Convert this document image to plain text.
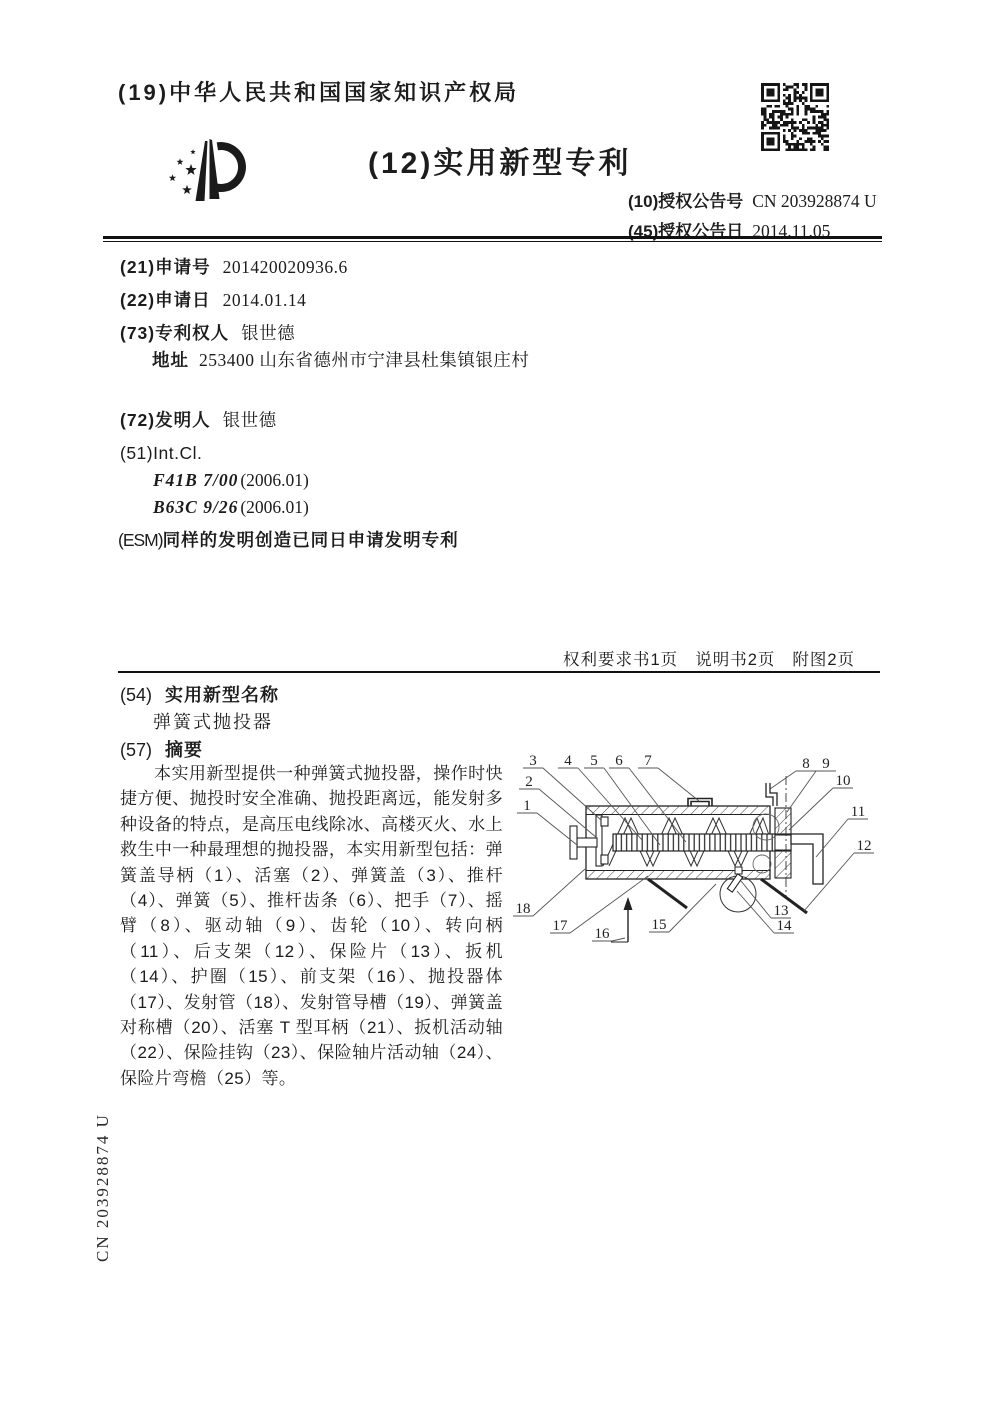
(19)中华人民共和国国家知识产权局
(12)实用新型专利
(10)授权公告号 CN 203928874 U
(45)授权公告日 2014.11.05
(21)申请号 201420020936.6
(22)申请日 2014.01.14
(73)专利权人 银世德
地址 253400 山东省德州市宁津县杜集镇银庄村
(72)发明人 银世德
(51)Int.Cl.
F41B 7/00 (2006.01)
B63C 9/26 (2006.01)
(ESM)同样的发明创造已同日申请发明专利
权利要求书1页 说明书2页 附图2页
(54) 实用新型名称
弹簧式抛投器
(57) 摘要

本实用新型提供一种弹簧式抛投器，操作时快捷方便、抛投时安全准确、抛投距离远，能发射多种设备的特点，是高压电线除冰、高楼灭火、水上救生中一种最理想的抛投器，本实用新型包括：弹簧盖导柄（1）、活塞（2）、弹簧盖（3）、推杆（4）、弹簧（5）、推杆齿条（6）、把手（7）、摇臂（8）、驱动轴（9）、齿轮（10）、转向柄（11）、后支架（12）、保险片（13）、扳机（14）、护圈（15）、前支架（16）、抛投器体（17）、发射管（18）、发射管导槽（19）、弹簧盖对称槽（20）、活塞 T 型耳柄（21）、扳机活动轴（22）、保险挂钩（23）、保险轴片活动轴（24）、保险片弯檐（25）等。

1
2
3 4 5 6 7	8 9
10
11
12
13
14
15
16
17
18
CN 203928874 U
